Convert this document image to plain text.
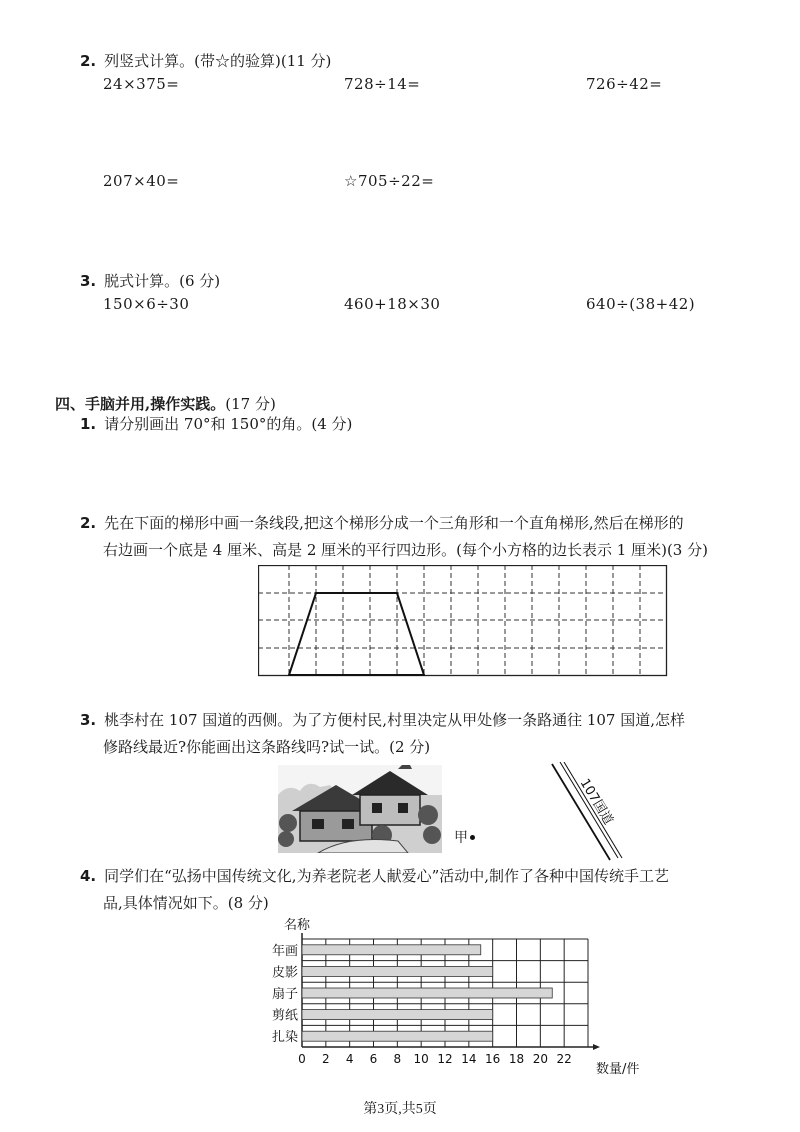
2. 列竖式计算。(带☆的验算)(11 分)
24×375=	728÷14=	726÷42=
207×40=	☆705÷22=
3. 脱式计算。(6 分)
150×6÷30	460+18×30	640÷(38+42)
四、手脑并用,操作实践。(17 分)
1. 请分别画出 70°和 150°的角。(4 分)
2. 先在下面的梯形中画一条线段,把这个梯形分成一个三角形和一个直角梯形,然后在梯形的
右边画一个底是 4 厘米、高是 2 厘米的平行四边形。(每个小方格的边长表示 1 厘米)(3 分)
3. 桃李村在 107 国道的西侧。为了方便村民,村里决定从甲处修一条路通往 107 国道,怎样
修路线最近?你能画出这条路线吗?试一试。(2 分)
甲
107国道
4. 同学们在“弘扬中国传统文化,为养老院老人献爱心”活动中,制作了各种中国传统手工艺
品,具体情况如下。(8 分)
名称
年画
皮影
扇子
剪纸
扎染
0 2 4 6 8 10 12 14 16 18 20 22
数量/件
第3页,共5页
